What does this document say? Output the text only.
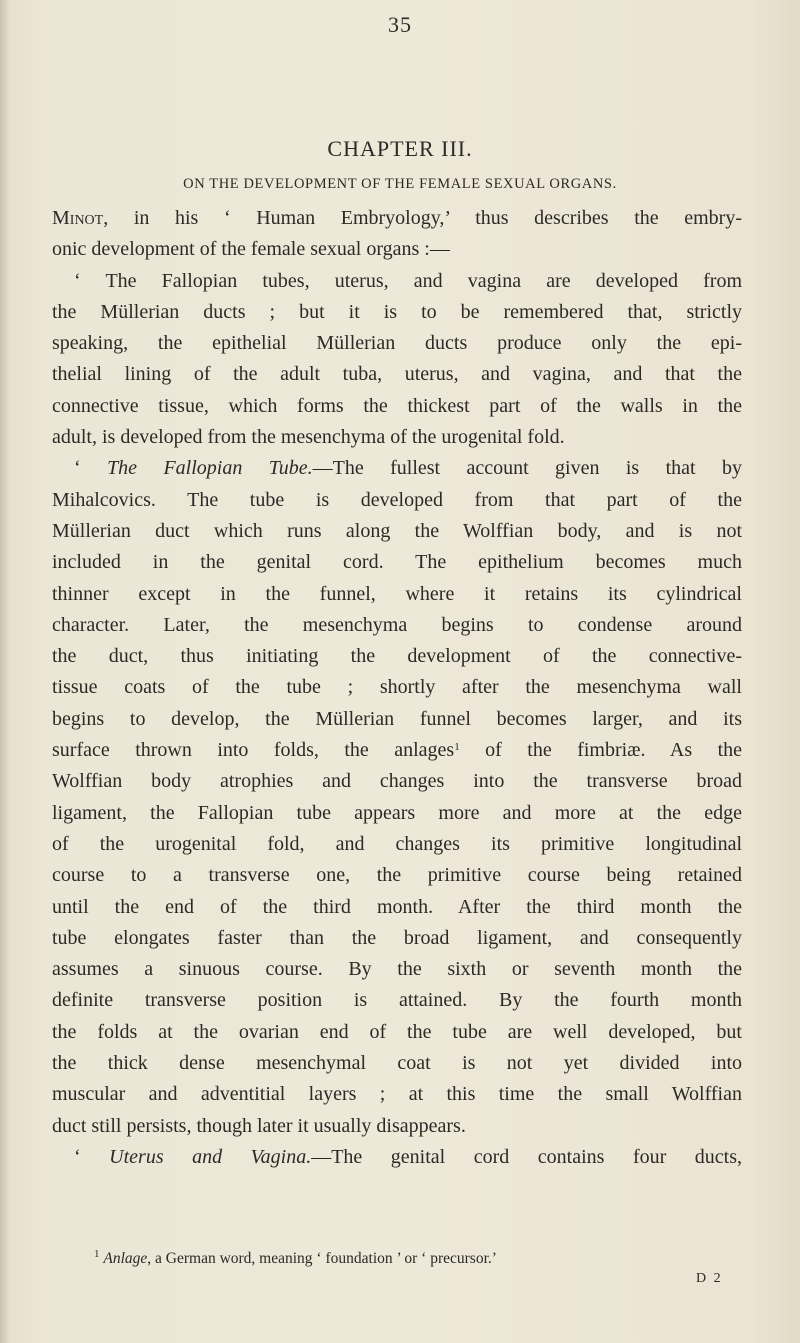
35
CHAPTER III.
ON THE DEVELOPMENT OF THE FEMALE SEXUAL ORGANS.
Minot, in his ‘ Human Embryology,’ thus describes the embry-
onic development of the female sexual organs :—
‘ The Fallopian tubes, uterus, and vagina are developed from
the Müllerian ducts ; but it is to be remembered that, strictly
speaking, the epithelial Müllerian ducts produce only the epi-
thelial lining of the adult tuba, uterus, and vagina, and that the
connective tissue, which forms the thickest part of the walls in the
adult, is developed from the mesenchyma of the urogenital fold.
‘ The Fallopian Tube.—The fullest account given is that by
Mihalcovics. The tube is developed from that part of the
Müllerian duct which runs along the Wolffian body, and is not
included in the genital cord. The epithelium becomes much
thinner except in the funnel, where it retains its cylindrical
character. Later, the mesenchyma begins to condense around
the duct, thus initiating the development of the connective-
tissue coats of the tube ; shortly after the mesenchyma wall
begins to develop, the Müllerian funnel becomes larger, and its
surface thrown into folds, the anlages$^1$ of the fimbriæ. As the
Wolffian body atrophies and changes into the transverse broad
ligament, the Fallopian tube appears more and more at the edge
of the urogenital fold, and changes its primitive longitudinal
course to a transverse one, the primitive course being retained
until the end of the third month. After the third month the
tube elongates faster than the broad ligament, and consequently
assumes a sinuous course. By the sixth or seventh month the
definite transverse position is attained. By the fourth month
the folds at the ovarian end of the tube are well developed, but
the thick dense mesenchymal coat is not yet divided into
muscular and adventitial layers ; at this time the small Wolffian
duct still persists, though later it usually disappears.
‘ Uterus and Vagina.—The genital cord contains four ducts,
$^1$ Anlage, a German word, meaning ‘ foundation ’ or ‘ precursor.’
D 2
